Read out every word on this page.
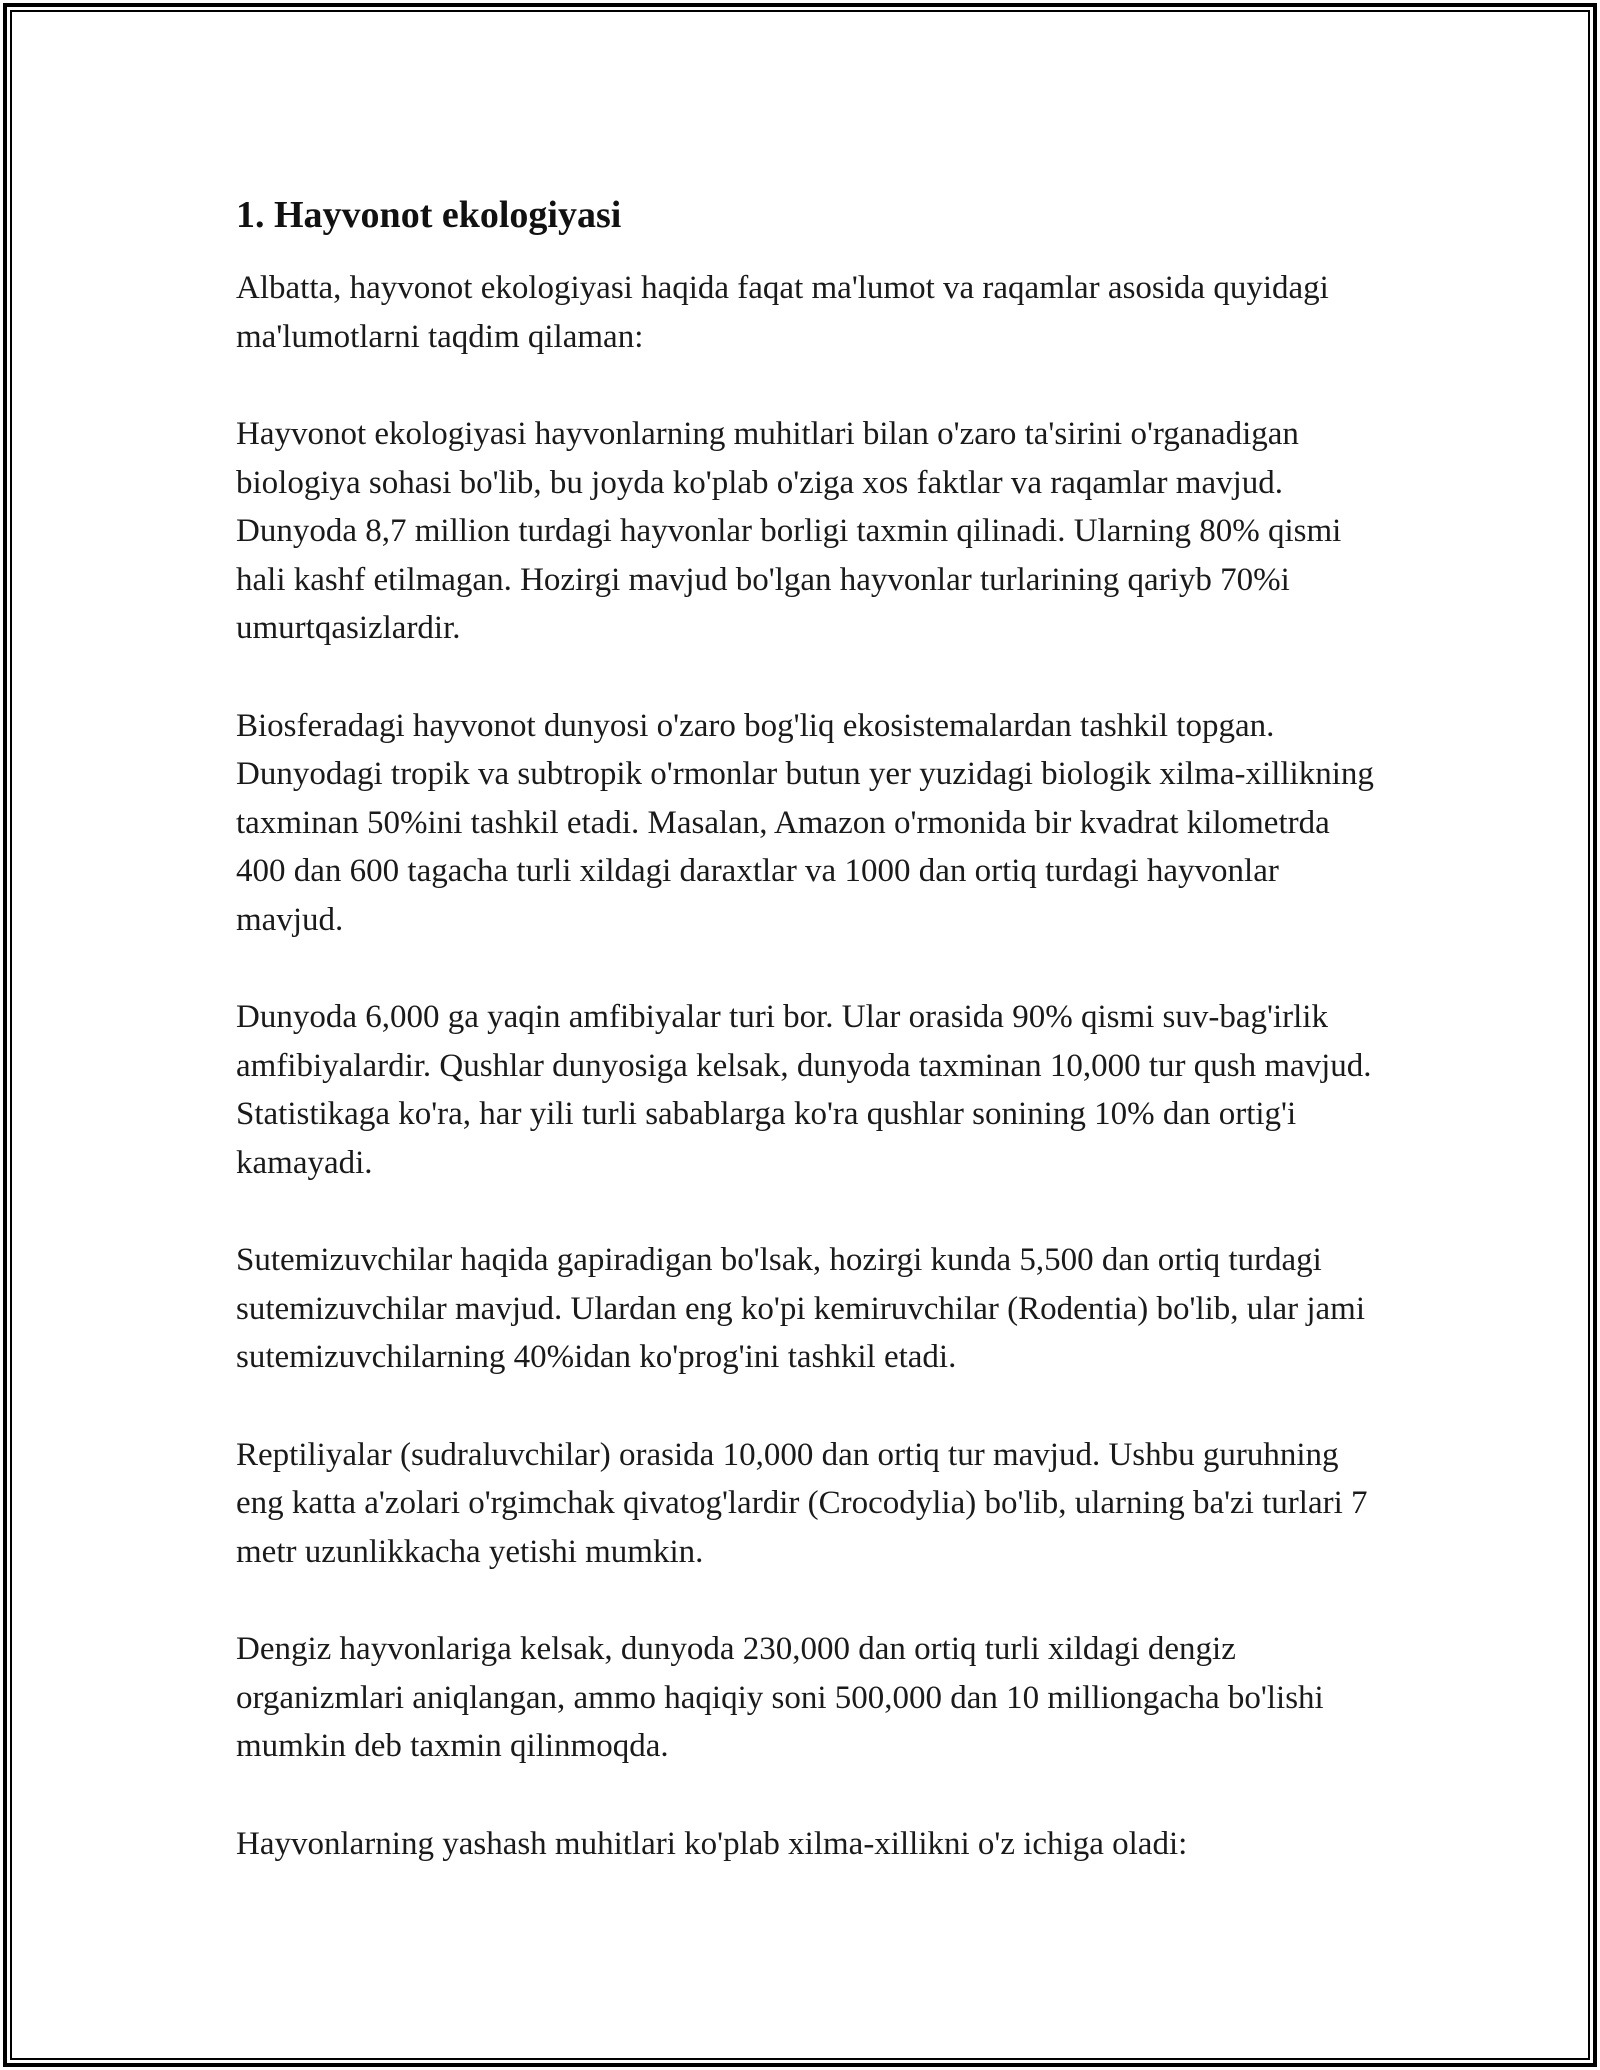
1. Hayvonot ekologiyasi

Albatta, hayvonot ekologiyasi haqida faqat ma'lumot va raqamlar asosida quyidagi ma'lumotlarni taqdim qilaman:

Hayvonot ekologiyasi hayvonlarning muhitlari bilan o'zaro ta'sirini o'rganadigan biologiya sohasi bo'lib, bu joyda ko'plab o'ziga xos faktlar va raqamlar mavjud. Dunyoda 8,7 million turdagi hayvonlar borligi taxmin qilinadi. Ularning 80% qismi hali kashf etilmagan. Hozirgi mavjud bo'lgan hayvonlar turlarining qariyb 70%i umurtqasizlardir.

Biosferadagi hayvonot dunyosi o'zaro bog'liq ekosistemalardan tashkil topgan. Dunyodagi tropik va subtropik o'rmonlar butun yer yuzidagi biologik xilma-xillikning taxminan 50%ini tashkil etadi. Masalan, Amazon o'rmonida bir kvadrat kilometrda 400 dan 600 tagacha turli xildagi daraxtlar va 1000 dan ortiq turdagi hayvonlar mavjud.

Dunyoda 6,000 ga yaqin amfibiyalar turi bor. Ular orasida 90% qismi suv-bag'irlik amfibiyalardir. Qushlar dunyosiga kelsak, dunyoda taxminan 10,000 tur qush mavjud. Statistikaga ko'ra, har yili turli sabablarga ko'ra qushlar sonining 10% dan ortig'i kamayadi.

Sutemizuvchilar haqida gapiradigan bo'lsak, hozirgi kunda 5,500 dan ortiq turdagi sutemizuvchilar mavjud. Ulardan eng ko'pi kemiruvchilar (Rodentia) bo'lib, ular jami sutemizuvchilarning 40%idan ko'prog'ini tashkil etadi.

Reptiliyalar (sudraluvchilar) orasida 10,000 dan ortiq tur mavjud. Ushbu guruhning eng katta a'zolari o'rgimchak qivatog'lardir (Crocodylia) bo'lib, ularning ba'zi turlari 7 metr uzunlikkacha yetishi mumkin.

Dengiz hayvonlariga kelsak, dunyoda 230,000 dan ortiq turli xildagi dengiz organizmlari aniqlangan, ammo haqiqiy soni 500,000 dan 10 milliongacha bo'lishi mumkin deb taxmin qilinmoqda.

Hayvonlarning yashash muhitlari ko'plab xilma-xillikni o'z ichiga oladi:
